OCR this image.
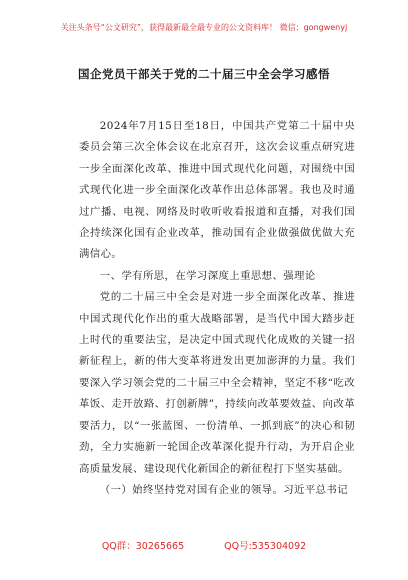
关注头条号“公文研究”，获得最新最全最专业的公文资料库！ 微信：gongwenyj
国企党员干部关于党的二十届三中全会学习感悟

2024年7月15日至18日，中国共产党第二十届中央委员会第三次全体会议在北京召开，这次会议重点研究进一步全面深化改革、推进中国式现代化问题，对围绕中国式现代化进一步全面深化改革作出总体部署。我也及时通过广播、电视、网络及时收听收看报道和直播，对我们国企持续深化国有企业改革，推动国有企业做强做优做大充满信心。

一、学有所思，在学习深度上重思想、强理论

党的二十届三中全会是对进一步全面深化改革、推进中国式现代化作出的重大战略部署，是当代中国大踏步赶上时代的重要法宝，是决定中国式现代化成败的关键一招新征程上，新的伟大变革将迸发出更加澎湃的力量。我们要深入学习领会党的二十届三中全会精神，坚定不移“吃改革饭、走开放路、打创新牌”，持续向改革要效益、向改革要活力，以“一张蓝图、一份清单、一抓到底”的决心和韧劲，全力实施新一轮国企改革深化提升行动，为开启企业高质量发展、建设现代化新国企的新征程打下坚实基础。

（一）始终坚持党对国有企业的领导。习近平总书记

QQ群：30265665	QQ号:535304092
